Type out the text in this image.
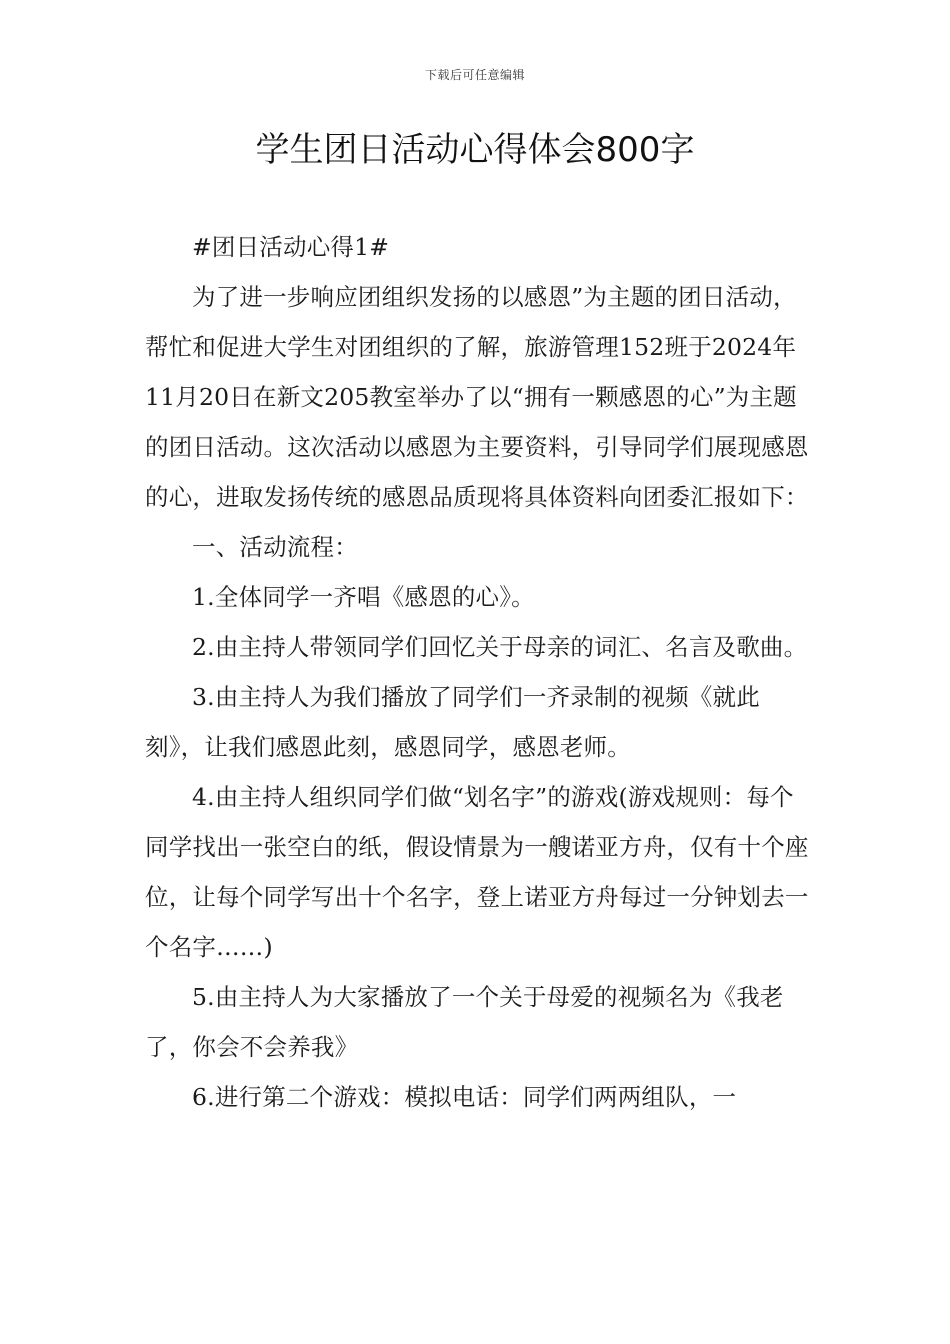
下载后可任意编辑
学生团日活动心得体会800字

#团日活动心得1#

为了进一步响应团组织发扬的以感恩”为主题的团日活动，帮忙和促进大学生对团组织的了解，旅游管理152班于2024年11月20日在新文205教室举办了以“拥有一颗感恩的心”为主题的团日活动。这次活动以感恩为主要资料，引导同学们展现感恩的心，进取发扬传统的感恩品质现将具体资料向团委汇报如下：

一、活动流程：

1.全体同学一齐唱《感恩的心》。

2.由主持人带领同学们回忆关于母亲的词汇、名言及歌曲。

3.由主持人为我们播放了同学们一齐录制的视频《就此刻》，让我们感恩此刻，感恩同学，感恩老师。

4.由主持人组织同学们做“划名字”的游戏(游戏规则：每个同学找出一张空白的纸，假设情景为一艘诺亚方舟，仅有十个座位，让每个同学写出十个名字，登上诺亚方舟每过一分钟划去一个名字……)

5.由主持人为大家播放了一个关于母爱的视频名为《我老了，你会不会养我》

6.进行第二个游戏：模拟电话：同学们两两组队，一
